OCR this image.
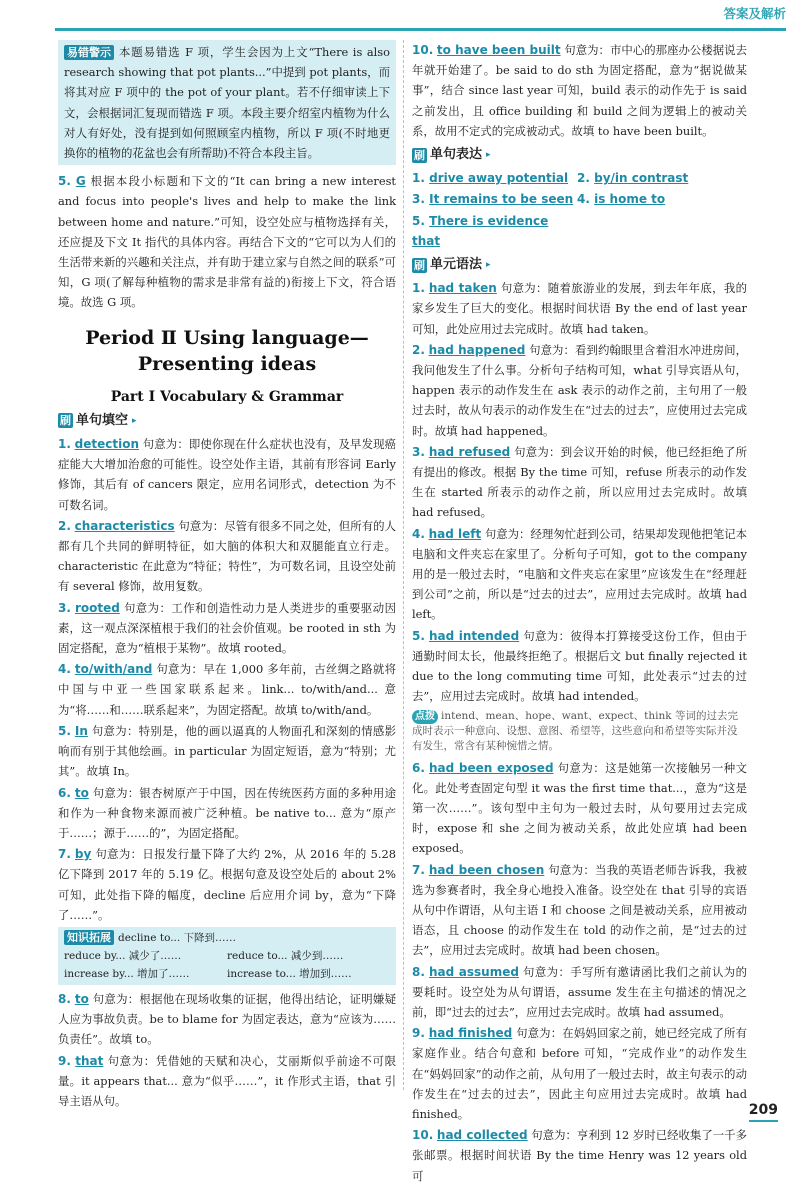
答案及解析
易错警示 本题易错选 F 项，学生会因为上文“There is also research showing that pot plants...”中提到 pot plants，而将其对应 F 项中的 the pot of your plant。若不仔细审读上下文，会根据词汇复现而错选 F 项。本段主要介绍室内植物为什么对人有好处，没有提到如何照顾室内植物，所以 F 项(不时地更换你的植物的花盆也会有所帮助)不符合本段主旨。
5. G 根据本段小标题和下文的“It can bring a new interest and focus into people's lives and help to make the link between home and nature.”可知，设空处应与植物选择有关，还应提及下文 It 指代的具体内容。再结合下文的“它可以为人们的生活带来新的兴趣和关注点，并有助于建立家与自然之间的联系”可知，G 项(了解每种植物的需求是非常有益的)衔接上下文，符合语境。故选 G 项。
Period Ⅱ Using language—
Presenting ideas
Part Ⅰ Vocabulary & Grammar
刷 单句填空 ▸
1. detection 句意为：即使你现在什么症状也没有，及早发现癌症能大大增加治愈的可能性。设空处作主语，其前有形容词 Early 修饰，其后有 of cancers 限定，应用名词形式，detection 为不可数名词。
2. characteristics 句意为：尽管有很多不同之处，但所有的人都有几个共同的鲜明特征，如大脑的体积大和双腿能直立行走。characteristic 在此意为“特征；特性”，为可数名词，且设空处前有 several 修饰，故用复数。
3. rooted 句意为：工作和创造性动力是人类进步的重要驱动因素，这一观点深深植根于我们的社会价值观。be rooted in sth 为固定搭配，意为“植根于某物”。故填 rooted。
4. to/with/and 句意为：早在 1,000 多年前，古丝绸之路就将中国与中亚一些国家联系起来。link... to/with/and... 意为“将……和……联系起来”，为固定搭配。故填 to/with/and。
5. In 句意为：特别是，他的画以逼真的人物面孔和深刻的情感影响而有别于其他绘画。in particular 为固定短语，意为“特别；尤其”。故填 In。
6. to 句意为：银杏树原产于中国，因在传统医药方面的多种用途和作为一种食物来源而被广泛种植。be native to... 意为“原产于……；源于……的”，为固定搭配。
7. by 句意为：日报发行量下降了大约 2%，从 2016 年的 5.28 亿下降到 2017 年的 5.19 亿。根据句意及设空处后的 about 2%可知，此处指下降的幅度，decline 后应用介词 by，意为“下降了……”。
知识拓展 decline to... 下降到……
reduce by... 减少了……	reduce to... 减少到……
increase by... 增加了……	increase to... 增加到……
8. to 句意为：根据他在现场收集的证据，他得出结论，证明嫌疑人应为事故负责。be to blame for 为固定表达，意为“应该为……负责任”。故填 to。
9. that 句意为：凭借她的天赋和决心，艾丽斯似乎前途不可限量。it appears that... 意为“似乎……”，it 作形式主语，that 引导主语从句。
10. to have been built 句意为：市中心的那座办公楼据说去年就开始建了。be said to do sth 为固定搭配，意为“据说做某事”，结合 since last year 可知，build 表示的动作先于 is said 之前发出，且 office building 和 build 之间为逻辑上的被动关系，故用不定式的完成被动式。故填 to have been built。
刷 单句表达 ▸
1. drive away potential 2. by/in contrast
3. It remains to be seen 4. is home to
5. There is evidence that
刷 单元语法 ▸
1. had taken 句意为：随着旅游业的发展，到去年年底，我的家乡发生了巨大的变化。根据时间状语 By the end of last year 可知，此处应用过去完成时。故填 had taken。
2. had happened 句意为：看到约翰眼里含着泪水冲进房间，我问他发生了什么事。分析句子结构可知，what 引导宾语从句，happen 表示的动作发生在 ask 表示的动作之前，主句用了一般过去时，故从句表示的动作发生在“过去的过去”，应使用过去完成时。故填 had happened。
3. had refused 句意为：到会议开始的时候，他已经拒绝了所有提出的修改。根据 By the time 可知，refuse 所表示的动作发生在 started 所表示的动作之前，所以应用过去完成时。故填 had refused。
4. had left 句意为：经理匆忙赶到公司，结果却发现他把笔记本电脑和文件夹忘在家里了。分析句子可知，got to the company 用的是一般过去时，“电脑和文件夹忘在家里”应该发生在“经理赶到公司”之前，所以是“过去的过去”，应用过去完成时。故填 had left。
5. had intended 句意为：彼得本打算接受这份工作，但由于通勤时间太长，他最终拒绝了。根据后文 but finally rejected it due to the long commuting time 可知，此处表示“过去的过去”，应用过去完成时。故填 had intended。
点拨 intend、mean、hope、want、expect、think 等词的过去完成时表示一种意向、设想、意图、希望等，这些意向和希望等实际并没有发生，常含有某种惋惜之情。
6. had been exposed 句意为：这是她第一次接触另一种文化。此处考查固定句型 it was the first time that...，意为“这是第一次……”。该句型中主句为一般过去时，从句要用过去完成时，expose 和 she 之间为被动关系，故此处应填 had been exposed。
7. had been chosen 句意为：当我的英语老师告诉我，我被选为参赛者时，我全身心地投入准备。设空处在 that 引导的宾语从句中作谓语，从句主语 I 和 choose 之间是被动关系，应用被动语态，且 choose 的动作发生在 told 的动作之前，是“过去的过去”，应用过去完成时。故填 had been chosen。
8. had assumed 句意为：手写所有邀请函比我们之前认为的要耗时。设空处为从句谓语，assume 发生在主句描述的情况之前，即“过去的过去”，应用过去完成时。故填 had assumed。
9. had finished 句意为：在妈妈回家之前，她已经完成了所有家庭作业。结合句意和 before 可知，“完成作业”的动作发生在“妈妈回家”的动作之前，从句用了一般过去时，故主句表示的动作发生在“过去的过去”，因此主句应用过去完成时。故填 had finished。
10. had collected 句意为：亨利到 12 岁时已经收集了一千多张邮票。根据时间状语 By the time Henry was 12 years old 可
209
